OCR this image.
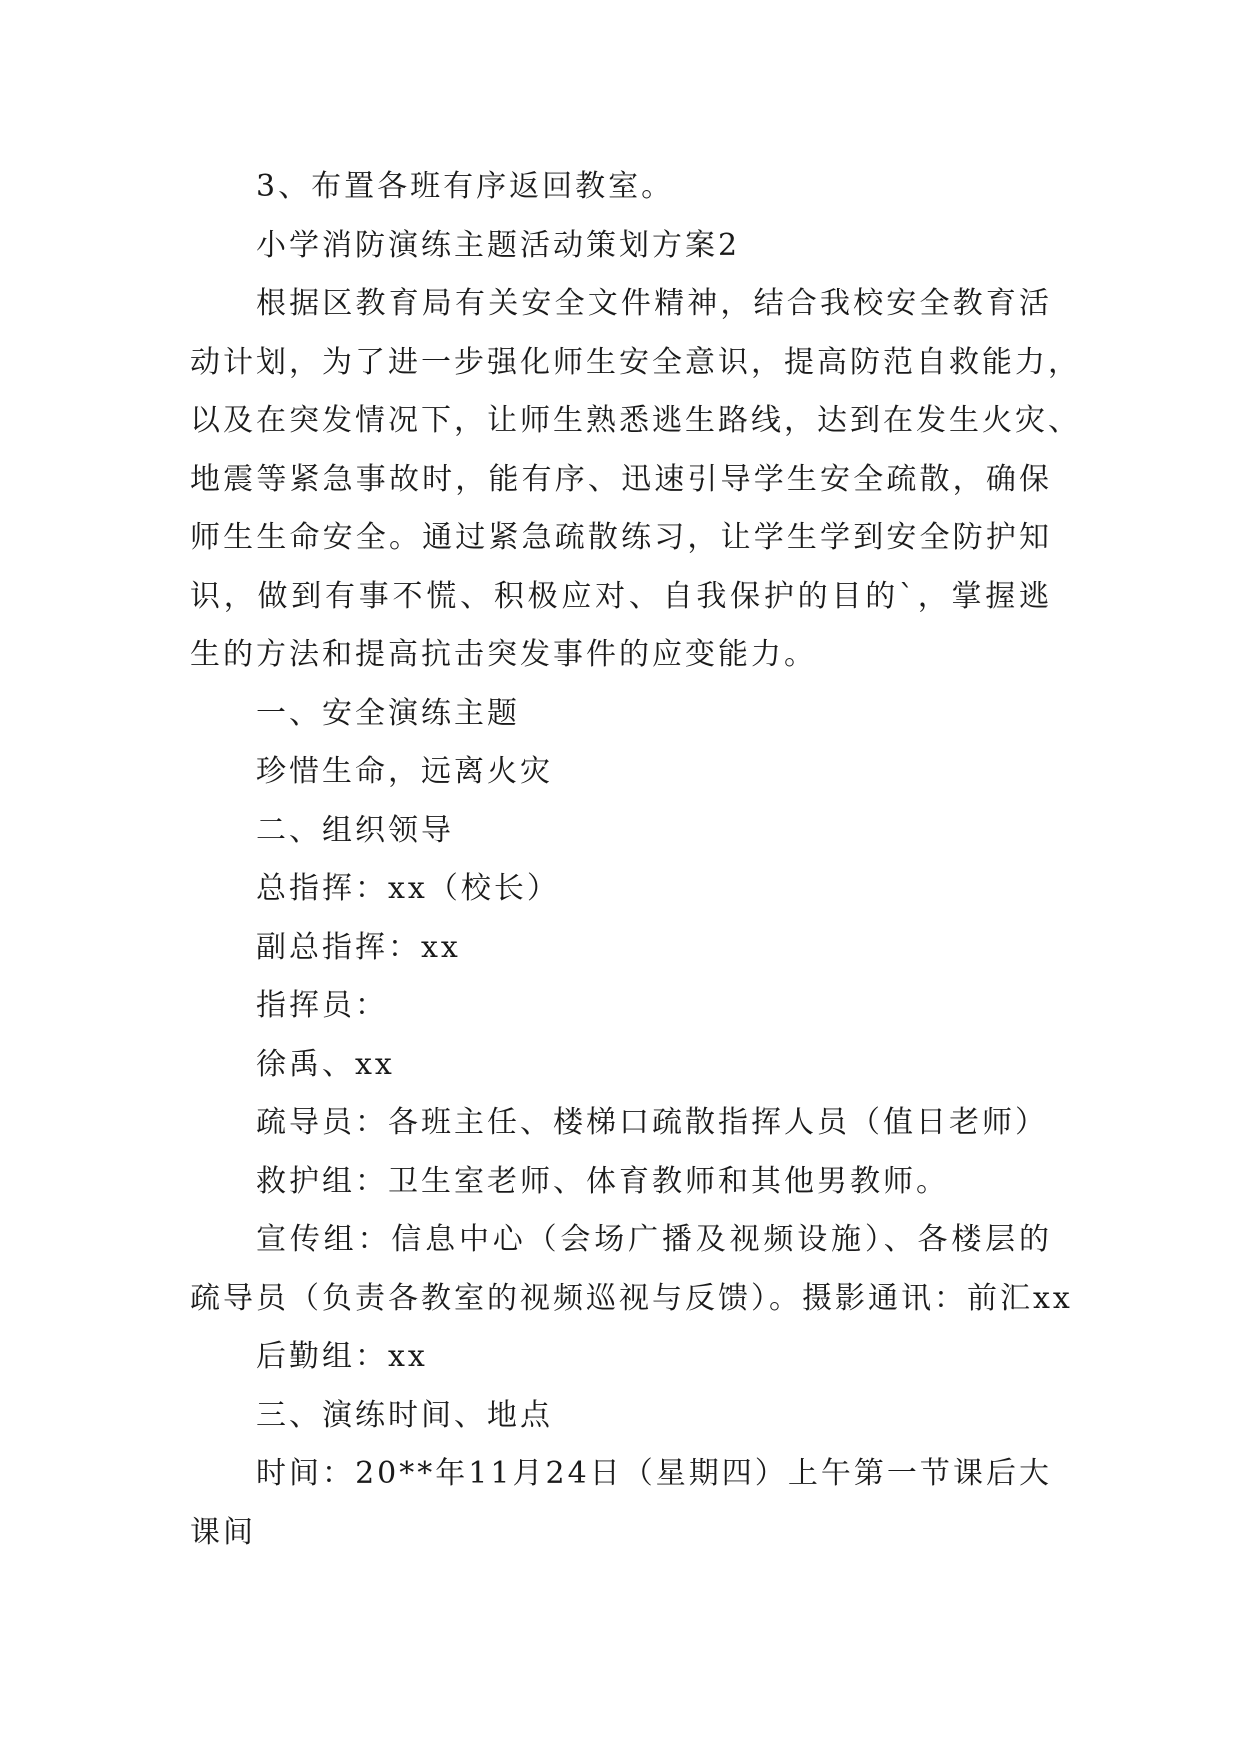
3、布置各班有序返回教室。
小学消防演练主题活动策划方案2
根据区教育局有关安全文件精神，结合我校安全教育活
动计划，为了进一步强化师生安全意识，提高防范自救能力，
以及在突发情况下，让师生熟悉逃生路线，达到在发生火灾、
地震等紧急事故时，能有序、迅速引导学生安全疏散，确保
师生生命安全。通过紧急疏散练习，让学生学到安全防护知
识，做到有事不慌、积极应对、自我保护的目的`，掌握逃
生的方法和提高抗击突发事件的应变能力。
一、安全演练主题
珍惜生命，远离火灾
二、组织领导
总指挥：xx（校长）
副总指挥：xx
指挥员：
徐禹、xx
疏导员：各班主任、楼梯口疏散指挥人员（值日老师）
救护组：卫生室老师、体育教师和其他男教师。
宣传组：信息中心（会场广播及视频设施）、各楼层的
疏导员（负责各教室的视频巡视与反馈）。摄影通讯：前汇xx
后勤组：xx
三、演练时间、地点
时间：20**年11月24日（星期四）上午第一节课后大
课间
